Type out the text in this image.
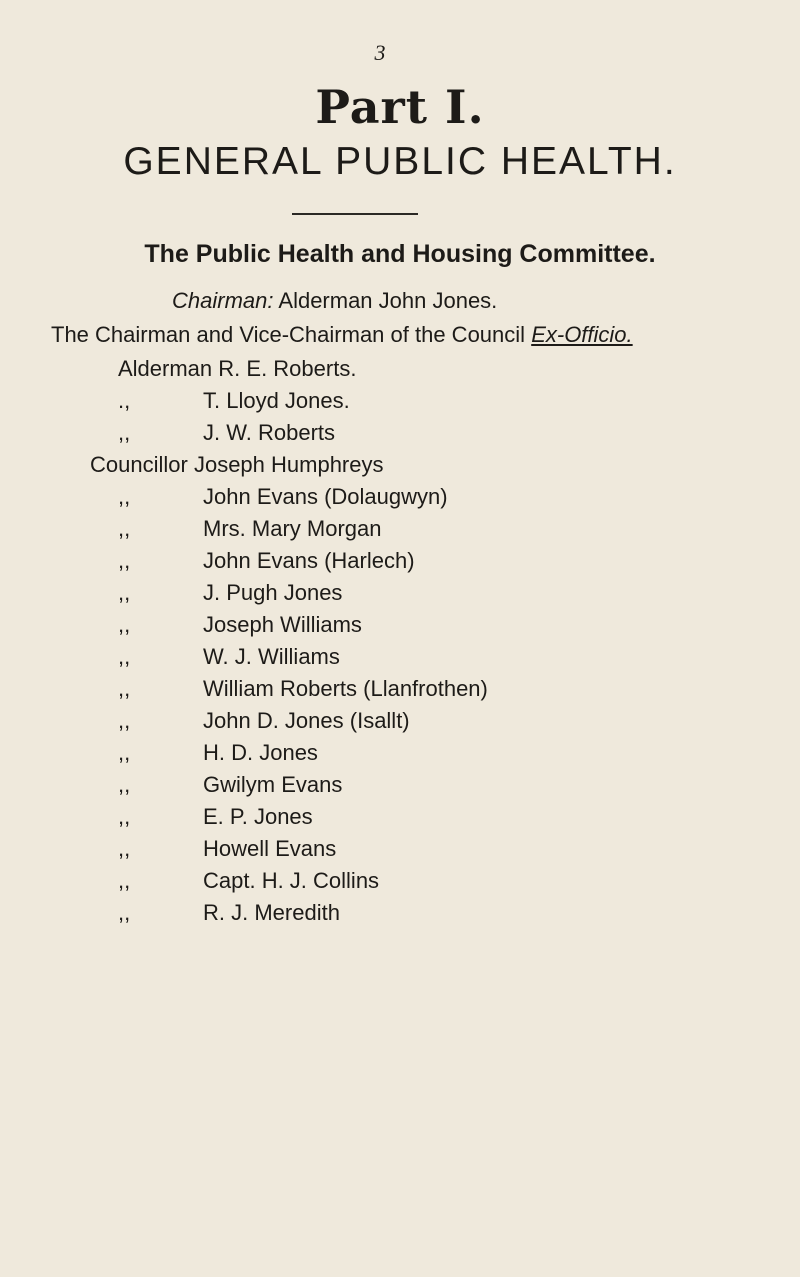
3
Part I.
GENERAL PUBLIC HEALTH.
The Public Health and Housing Committee.
Chairman: Alderman John Jones.
The Chairman and Vice-Chairman of the Council Ex-Officio.
Alderman R. E. Roberts.
.,	T. Lloyd Jones.
,,	J. W. Roberts
Councillor Joseph Humphreys
,,	John Evans (Dolaugwyn)
,,	Mrs. Mary Morgan
,,	John Evans (Harlech)
,,	J. Pugh Jones
,,	Joseph Williams
,,	W. J. Williams
,,	William Roberts (Llanfrothen)
,,	John D. Jones (Isallt)
,,	H. D. Jones
,,	Gwilym Evans
,,	E. P. Jones
,,	Howell Evans
,,	Capt. H. J. Collins
,,	R. J. Meredith
